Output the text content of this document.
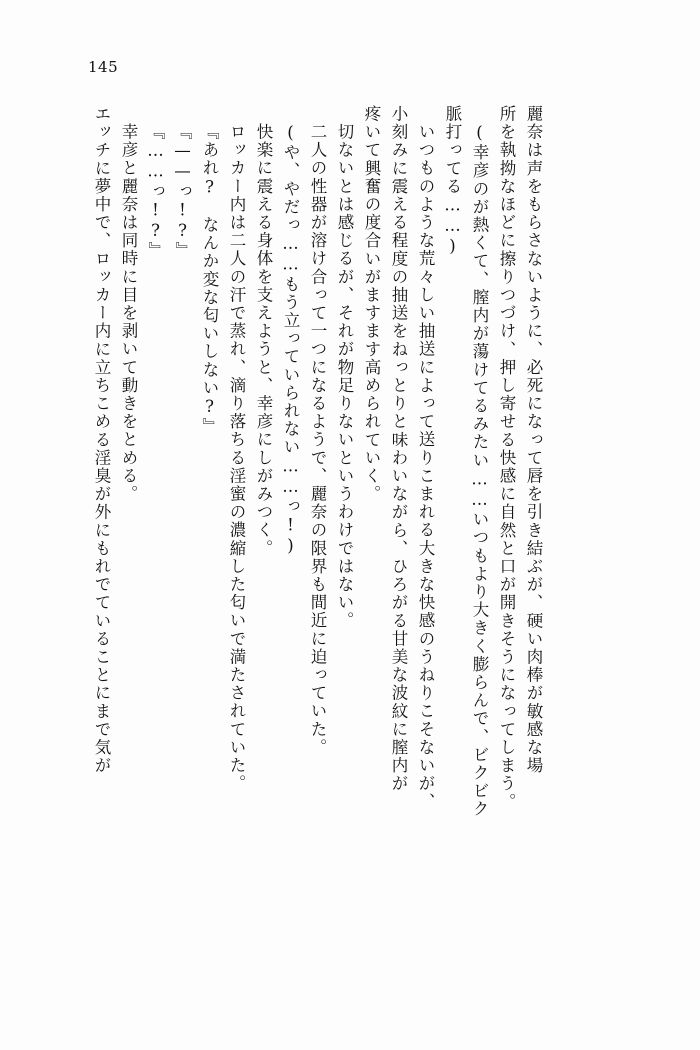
145
エッチに夢中で、ロッカー内に立ちこめる淫臭が外にもれでていることにまで気が 幸彦と麗奈は同時に目を剥いて動きをとめる。 『……っ!?』 『——っ!?』 『あれ?　なんか変な匂いしない?』 ロッカー内は二人の汗で蒸れ、滴り落ちる淫蜜の濃縮した匂いで満たされていた。 快楽に震える身体を支えようと、幸彦にしがみつく。 (や、やだっ……もう立っていられない……っ!) 二人の性器が溶け合って一つになるようで、麗奈の限界も間近に迫っていた。 切ないとは感じるが、それが物足りないというわけではない。 疼いて興奮の度合いがますます高められていく。 小刻みに震える程度の抽送をねっとりと味わいながら、ひろがる甘美な波紋に膣内が いつものような荒々しい抽送によって送りこまれる大きな快感のうねりこそないが、 脈打ってる……) (幸彦のが熱くて、膣内が蕩けてるみたい……いつもより大きく膨らんで、ビクビク 所を執拗なほどに擦りつづけ、押し寄せる快感に自然と口が開きそうになってしまう。 麗奈は声をもらさないように、必死になって唇を引き結ぶが、硬い肉棒が敏感な場
